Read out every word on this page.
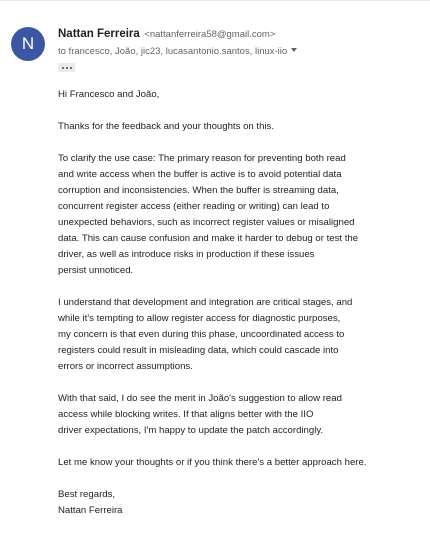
N	Nattan Ferreira <nattanferreira58@gmail.com>
to francesco, João, jic23, lucasantonio.santos, linux-iio

Hi Francesco and João,

Thanks for the feedback and your thoughts on this.

To clarify the use case: The primary reason for preventing both read
and write access when the buffer is active is to avoid potential data
corruption and inconsistencies. When the buffer is streaming data,
concurrent register access (either reading or writing) can lead to
unexpected behaviors, such as incorrect register values or misaligned
data. This can cause confusion and make it harder to debug or test the
driver, as well as introduce risks in production if these issues
persist unnoticed.

I understand that development and integration are critical stages, and
while it's tempting to allow register access for diagnostic purposes,
my concern is that even during this phase, uncoordinated access to
registers could result in misleading data, which could cascade into
errors or incorrect assumptions.

With that said, I do see the merit in João's suggestion to allow read
access while blocking writes. If that aligns better with the IIO
driver expectations, I'm happy to update the patch accordingly.

Let me know your thoughts or if you think there's a better approach here.

Best regards,
Nattan Ferreira
